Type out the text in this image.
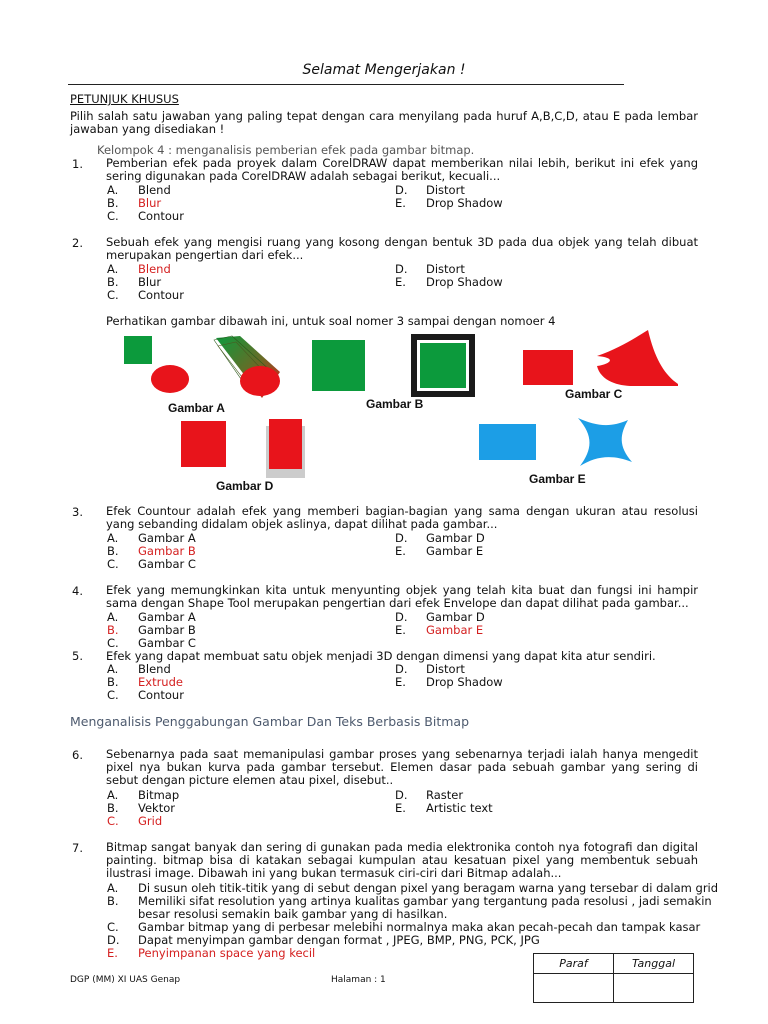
Selamat Mengerjakan !
PETUNJUK KHUSUS
Pilih salah satu jawaban yang paling tepat dengan cara menyilang pada huruf A,B,C,D, atau E pada lembar jawaban yang disediakan !
Kelompok 4 : menganalisis pemberian efek pada gambar bitmap.
1. Pemberian efek pada proyek dalam CorelDRAW dapat memberikan nilai lebih, berikut ini efek yang sering digunakan pada CorelDRAW adalah sebagai berikut, kecuali...
A. Blend
B. Blur
C. Contour
D. Distort
E. Drop Shadow
2. Sebuah efek yang mengisi ruang yang kosong dengan bentuk 3D pada dua objek yang telah dibuat merupakan pengertian dari efek...
A. Blend
B. Blur
C. Contour
D. Distort
E. Drop Shadow
Perhatikan gambar dibawah ini, untuk soal nomer 3 sampai dengan nomoer 4
Gambar A	Gambar B
Gambar C
Gambar D	Gambar E
3. Efek Countour adalah efek yang memberi bagian-bagian yang sama dengan ukuran atau resolusi yang sebanding didalam objek aslinya, dapat dilihat pada gambar...
A. Gambar A
B. Gambar B
C. Gambar C
D. Gambar D
E. Gambar E
4. Efek yang memungkinkan kita untuk menyunting objek yang telah kita buat dan fungsi ini hampir sama dengan Shape Tool merupakan pengertian dari efek Envelope dan dapat dilihat pada gambar...
A. Gambar A
B. Gambar B
C. Gambar C
D. Gambar D
E. Gambar E
5. Efek yang dapat membuat satu objek menjadi 3D dengan dimensi yang dapat kita atur sendiri.
A. Blend
B. Extrude
C. Contour
D. Distort
E. Drop Shadow
Menganalisis Penggabungan Gambar Dan Teks Berbasis Bitmap
6. Sebenarnya pada saat memanipulasi gambar proses yang sebenarnya terjadi ialah hanya mengedit pixel nya bukan kurva pada gambar tersebut. Elemen dasar pada sebuah gambar yang sering di sebut dengan picture elemen atau pixel, disebut..
A. Bitmap
B. Vektor
C. Grid
D. Raster
E. Artistic text
7. Bitmap sangat banyak dan sering di gunakan pada media elektronika contoh nya fotografi dan digital painting. bitmap bisa di katakan sebagai kumpulan atau kesatuan pixel yang membentuk sebuah ilustrasi image. Dibawah ini yang bukan termasuk ciri-ciri dari Bitmap adalah...
A. Di susun oleh titik-titik yang di sebut dengan pixel yang beragam warna yang tersebar di dalam grid
B. Memiliki sifat resolution yang artinya kualitas gambar yang tergantung pada resolusi , jadi semakin
besar resolusi semakin baik gambar yang di hasilkan.
C. Gambar bitmap yang di perbesar melebihi normalnya maka akan pecah-pecah dan tampak kasar
D. Dapat menyimpan gambar dengan format , JPEG, BMP, PNG, PCK, JPG
E. Penyimpanan space yang kecil
DGP (MM) XI UAS Genap	Halaman : 1
Paraf	Tanggal
